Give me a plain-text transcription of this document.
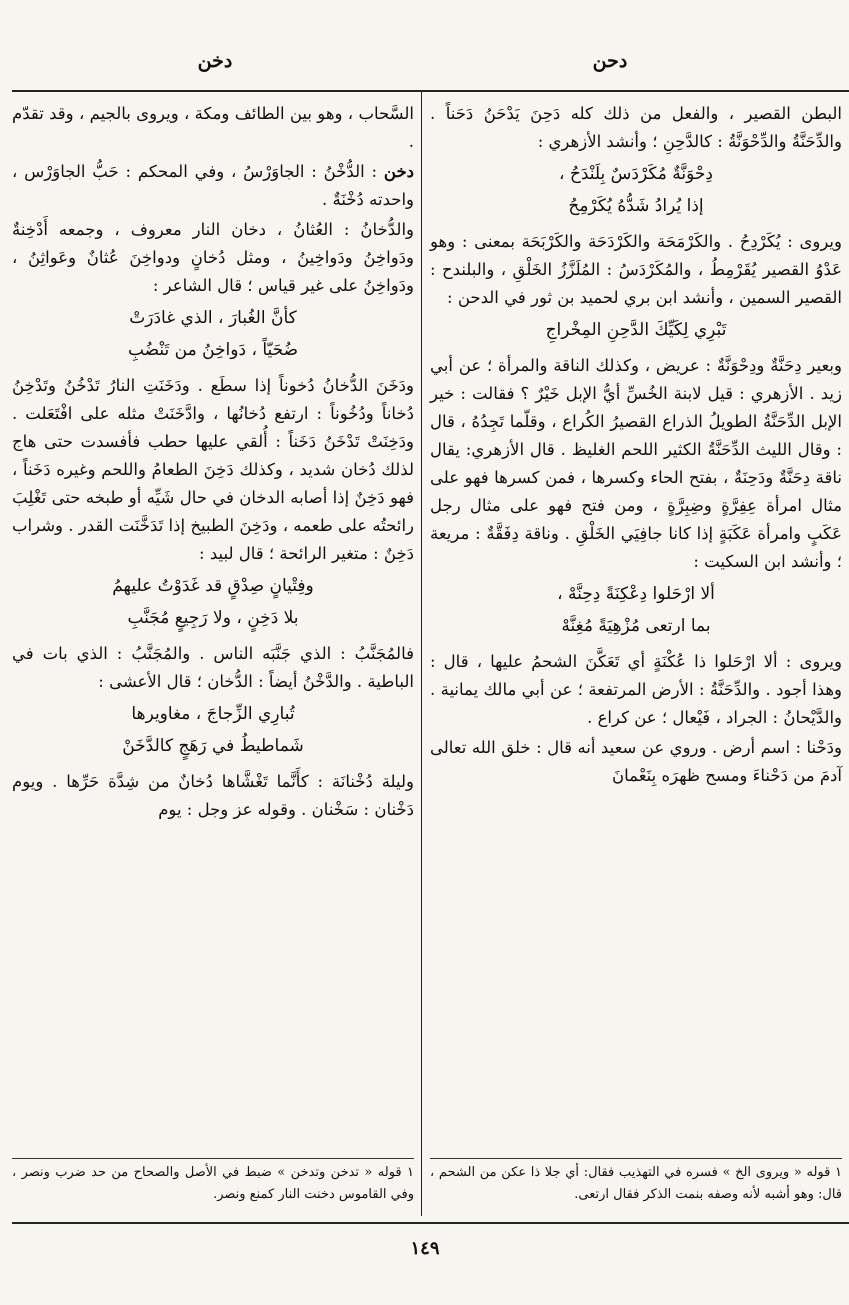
دحن
دخن

البطن القصير ، والفعل من ذلك كله دَحِنَ يَدْحَنُ دَحَناً . والدِّحَنَّةُ والدِّحْوَنَّةُ : كالدَّحِنِ ؛ وأنشد الأزهري :

دِحْوَنَّةٌ مُكَرْدَسٌ بِلَنْدَحُ ،
إذا يُرادُ شَدُّهُ يُكَرْمِحُ

ويروى : يُكَرْدِحُ . والكَرْمَحَة والكَرْدَحَة والكَرْبَحَة بمعنى : وهو عَدْوُ القصير يُقَرْمِطُ ، والمُكَرْدَسُ : المُلَزَّزُ الخَلْقِ ، والبلندح : القصير السمين ، وأنشد ابن بري لحميد بن ثور في الدحن :

تَبْرِي لِكَيِّكَ الدَّحِنِ المِخْراجِ

وبعير دِحَنَّةٌ ودِحْوَنَّةٌ : عريض ، وكذلك الناقة والمرأة ؛ عن أبي زيد . الأزهري : قيل لابنة الخُسِّ أيُّ الإبل خَيْرٌ ؟ فقالت : خير الإبل الدِّحَنَّةُ الطويلُ الذراع القصيرُ الكُراع ، وقلّما تَجِدُهُ ، قال : وقال الليث الدِّحَنَّةُ الكثير اللحم الغليظ . قال الأزهري: يقال ناقة دِحَنَّةٌ ودَحِنَةٌ ، بفتح الحاء وكسرها ، فمن كسرها فهو على مثال امرأة عِفِرَّةٍ وضِبِرَّةٍ ، ومن فتح فهو على مثال رجل عَكَبٍ وامرأة عَكَبَةٍ إذا كانا جافِيَي الخَلْقِ . وناقة دِفَقَّةٌ : مريعة ؛ وأنشد ابن السكيت :

ألا ارْحَلوا دِعْكِنَةً دِحِنَّهْ ،
بما ارتعى مُزْهِيَةً مُغِنَّهْ

ويروى : ألا ارْحَلوا ذا عُكْنَةٍ أي تَعَكَّنَ الشحمُ عليها ، قال : وهذا أجود . والدِّحَنَّةُ : الأرض المرتفعة ؛ عن أبي مالك يمانية . والدَّيْحانُ : الجراد ، فَيْعال ؛ عن كراع .

ودَحْنا : اسم أرض . وروي عن سعيد أنه قال : خلق الله تعالى آدمَ من دَحْناءَ ومسح ظهرَه بِنَعْمانَ

السَّحاب ، وهو بين الطائف ومكة ، ويروى بالجيم ، وقد تقدّم .

دخن : الدُّخْنُ : الجاوَرْسُ ، وفي المحكم : حَبُّ الجاوَرْس ، واحدته دُخْنَةٌ .

والدُّخانُ : العُثانُ ، دخان النار معروف ، وجمعه أَدْخِنةٌ ودَواخِنُ ودَواخِينُ ، ومثل دُخانٍ ودواخِنَ عُثانٌ وعَواثِنُ ، ودَواخِنُ على غير قياس ؛ قال الشاعر :

كأنَّ الغُبارَ ، الذي غادَرَتْ
ضُحَيّاً ، دَواخِنُ من تَنْضُبِ

ودَخَنَ الدُّخانُ دُخوناً إذا سطَع . ودَخَنَتِ النارُ تَدْخُنُ وتَدْخِنُ دُخاناً ودُخُوناً : ارتفع دُخانُها ، وادَّخَنَتْ مثله على افْتَعَلت . ودَخِنَتْ تَدْخَنُ دَخَناً : أُلقي عليها حطب فأفسدت حتى هاج لذلك دُخان شديد ، وكذلك دَخِنَ الطعامُ واللحم وغيره دَخَناً ، فهو دَخِنٌ إذا أصابه الدخان في حال شَيِّه أو طبخه حتى تَغْلِبَ رائحتُه على طعمه ، ودَخِنَ الطبيخ إذا تَدَخَّنَت القدر . وشراب دَخِنٌ : متغير الرائحة ؛ قال لبيد :

وفِتْيانٍ صِدْقٍ قد غَدَوْتُ عليهمُ
بلا دَخِنٍ ، ولا رَجِيعٍ مُجَنَّبِ

فالمُجَنَّبُ : الذي جَنَّبَه الناس . والمُجَنَّبُ : الذي بات في الباطية . والدَّخْنُ أيضاً : الدُّخان ؛ قال الأعشى :

تُبارِي الزِّجاجَ ، مغاويرها
شَماطيطُ في رَهَجٍ كالدَّخَنْ

وليلة دُخْنانَة : كأَنَّما تَغْشَّاها دُخانٌ من شِدَّة حَرِّها . ويوم دَخْنان : سَخْنان . وقوله عز وجل : يوم

١ قوله « ويروى الخ » فسره في التهذيب فقال: أي جلا ذا عكن من الشحم ، قال: وهو أشبه لأنه وصفه بنمت الذكر فقال ارتعى.
١ قوله « تدخن وتدخن » ضبط في الأصل والصحاح من حد ضرب ونصر ، وفي القاموس دخنت النار كمنع ونصر.
١٤٩
